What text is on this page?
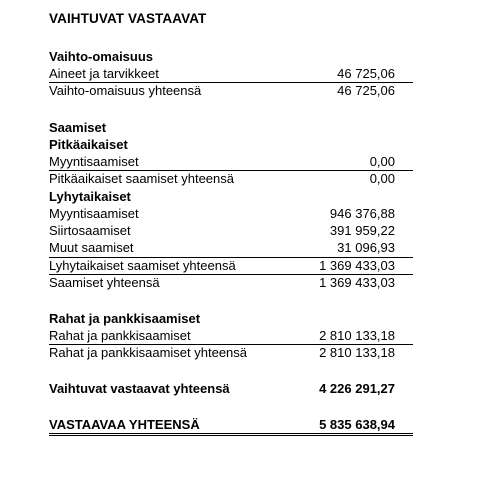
VAIHTUVAT VASTAAVAT
Vaihto-omaisuus
Aineet ja tarvikkeet	46 725,06
Vaihto-omaisuus yhteensä	46 725,06
Saamiset
Pitkäaikaiset
Myyntisaamiset	0,00
Pitkäaikaiset saamiset yhteensä	0,00
Lyhytaikaiset
Myyntisaamiset	946 376,88
Siirtosaamiset	391 959,22
Muut saamiset	31 096,93
Lyhytaikaiset saamiset yhteensä	1 369 433,03
Saamiset yhteensä	1 369 433,03
Rahat ja pankkisaamiset
Rahat ja pankkisaamiset	2 810 133,18
Rahat ja pankkisaamiset yhteensä	2 810 133,18
Vaihtuvat vastaavat yhteensä	4 226 291,27
VASTAAVAA YHTEENSÄ	5 835 638,94
